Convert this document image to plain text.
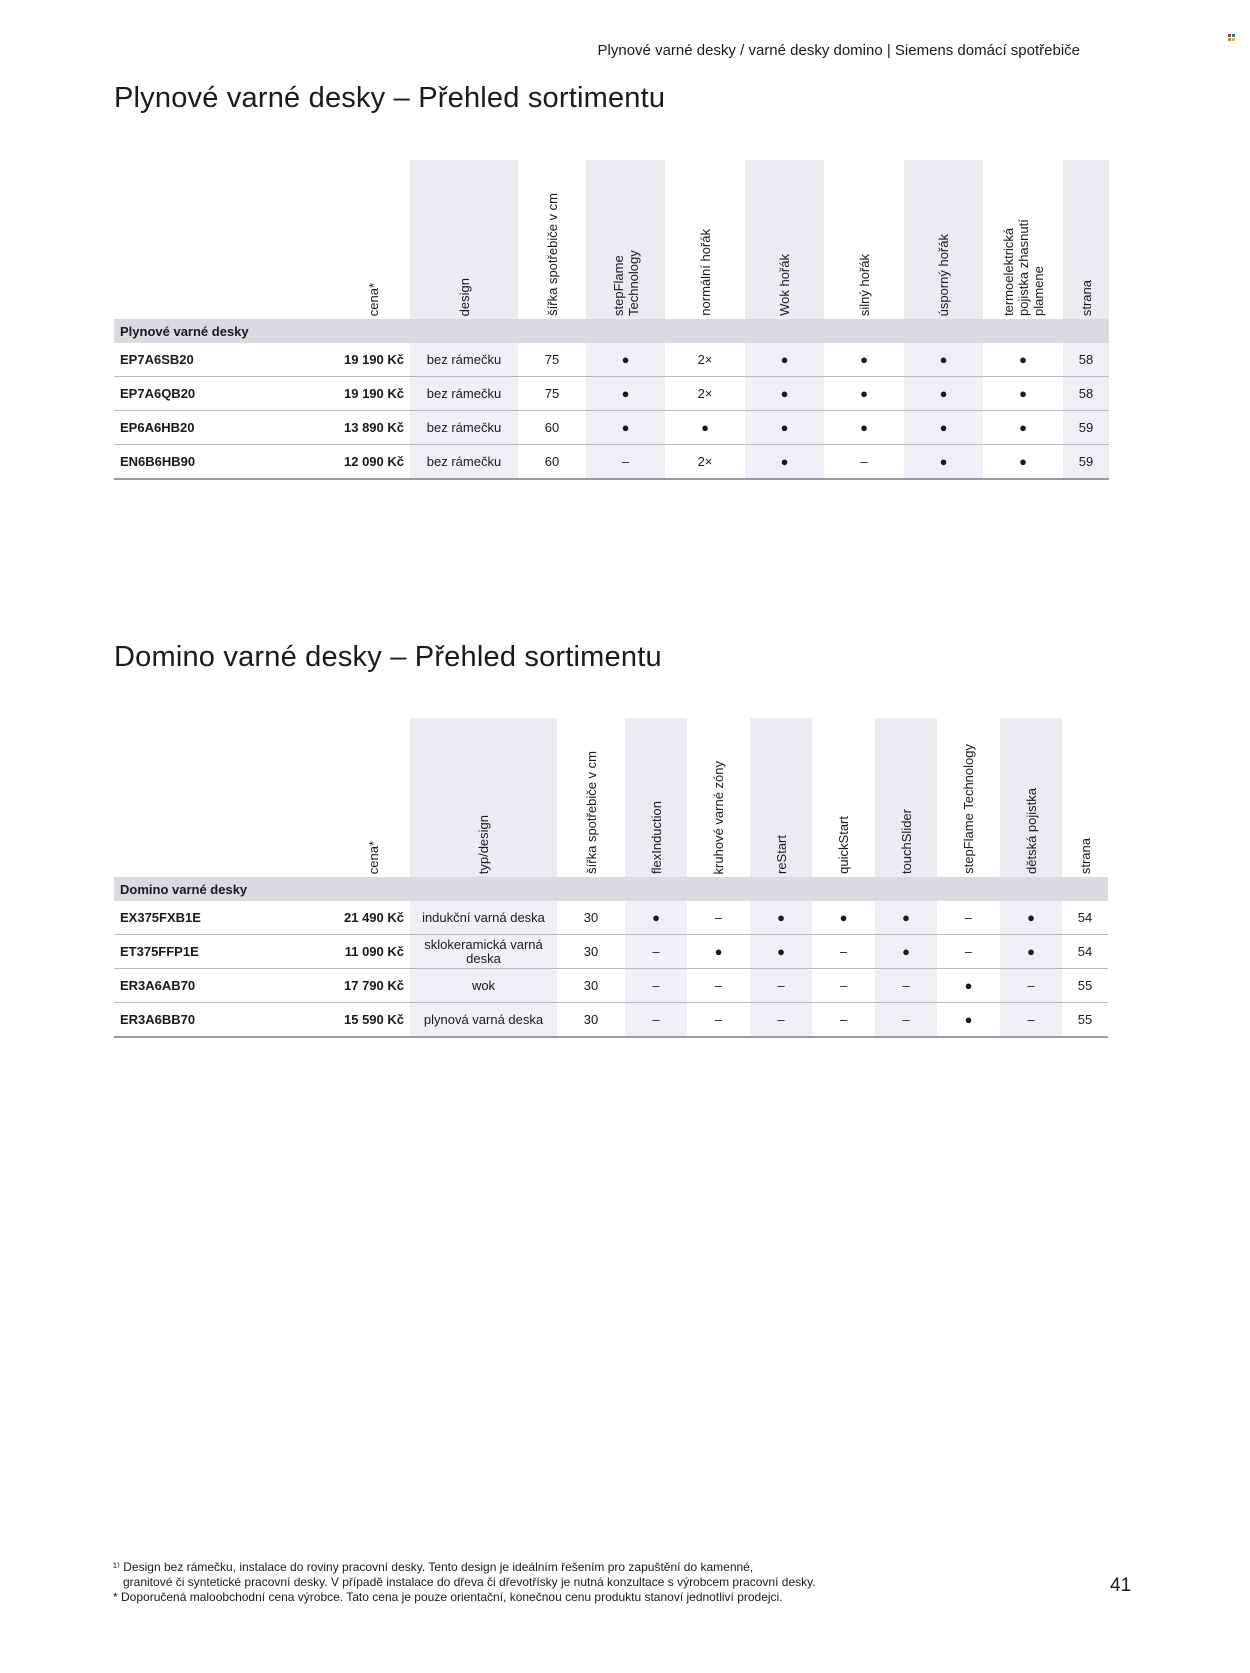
Plynové varné desky / varné desky domino | Siemens domácí spotřebiče
Plynové varné desky – Přehled sortimentu
	cena*	design	šířka spotřebiče v cm	stepFlame Technology	normální hořák	Wok hořák	silný hořák	úsporný hořák	termoelektrická pojistka zhasnutí plamene	strana
Plynové varné desky										
EP7A6SB20	19 190 Kč	bez rámečku	75	●	2×	●	●	●	●	58
EP7A6QB20	19 190 Kč	bez rámečku	75	●	2×	●	●	●	●	58
EP6A6HB20	13 890 Kč	bez rámečku	60	●	●	●	●	●	●	59
EN6B6HB90	12 090 Kč	bez rámečku	60	–	2×	●	–	●	●	59
Domino varné desky – Přehled sortimentu
	cena*	typ/design	šířka spotřebiče v cm	flexInduction	kruhové varné zóny	reStart	quickStart	touchSlider	stepFlame Technology	dětská pojistka	strana
Domino varné desky											
EX375FXB1E	21 490 Kč	indukční varná deska	30	●	–	●	●	●	–	●	54
ET375FFP1E	11 090 Kč	sklokeramická varná deska	30	–	●	●	–	●	–	●	54
ER3A6AB70	17 790 Kč	wok	30	–	–	–	–	–	●	–	55
ER3A6BB70	15 590 Kč	plynová varná deska	30	–	–	–	–	–	●	–	55
¹⁾ Design bez rámečku, instalace do roviny pracovní desky. Tento design je ideálním řešením pro zapuštění do kamenné,
granitové či syntetické pracovní desky. V případě instalace do dřeva či dřevotřísky je nutná konzultace s výrobcem pracovní desky.
* Doporučená maloobchodní cena výrobce. Tato cena je pouze orientační, konečnou cenu produktu stanoví jednotliví prodejci.
41
